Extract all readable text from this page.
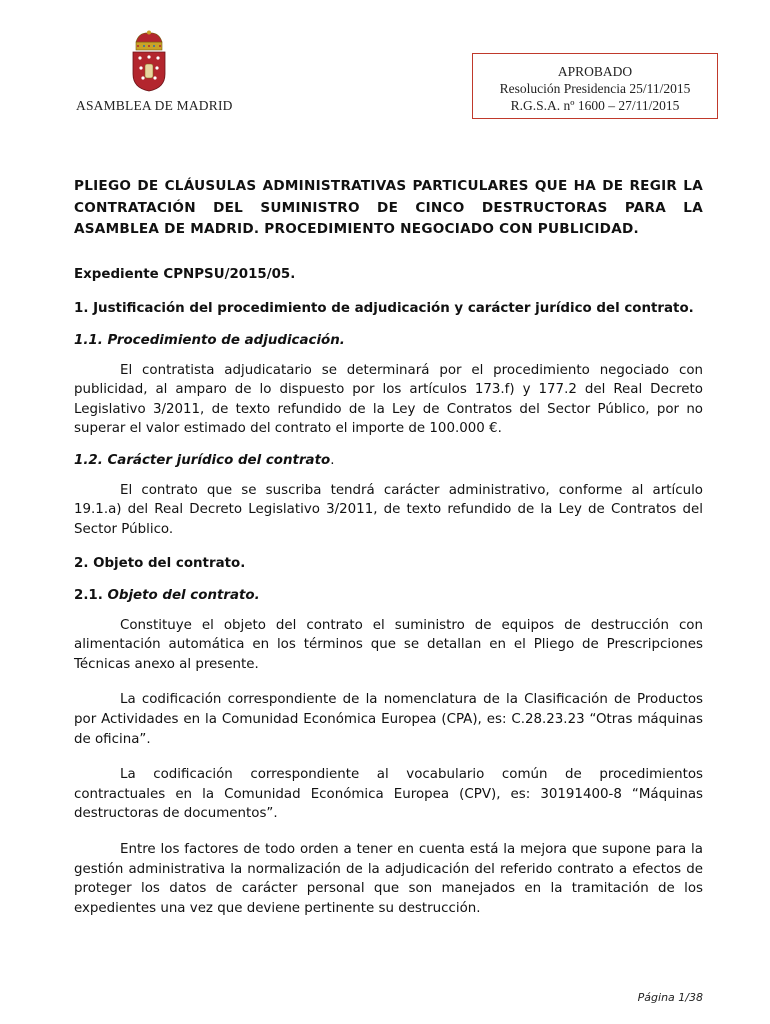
ASAMBLEA DE MADRID
APROBADO
Resolución Presidencia 25/11/2015
R.G.S.A. nº 1600 – 27/11/2015

PLIEGO DE CLÁUSULAS ADMINISTRATIVAS PARTICULARES QUE HA DE REGIR LA CONTRATACIÓN DEL SUMINISTRO DE CINCO DESTRUCTORAS PARA LA ASAMBLEA DE MADRID. PROCEDIMIENTO NEGOCIADO CON PUBLICIDAD.

Expediente CPNPSU/2015/05.

1. Justificación del procedimiento de adjudicación y carácter jurídico del contrato.

1.1. Procedimiento de adjudicación.

El contratista adjudicatario se determinará por el procedimiento negociado con publicidad, al amparo de lo dispuesto por los artículos 173.f) y 177.2 del Real Decreto Legislativo 3/2011, de texto refundido de la Ley de Contratos del Sector Público, por no superar el valor estimado del contrato el importe de 100.000 €.

1.2. Carácter jurídico del contrato.

El contrato que se suscriba tendrá carácter administrativo, conforme al artículo 19.1.a) del Real Decreto Legislativo 3/2011, de texto refundido de la Ley de Contratos del Sector Público.

2. Objeto del contrato.

2.1. Objeto del contrato.

Constituye el objeto del contrato el suministro de equipos de destrucción con alimentación automática en los términos que se detallan en el Pliego de Prescripciones Técnicas anexo al presente.

La codificación correspondiente de la nomenclatura de la Clasificación de Productos por Actividades en la Comunidad Económica Europea (CPA), es: C.28.23.23 “Otras máquinas de oficina”.

La codificación correspondiente al vocabulario común de procedimientos contractuales en la Comunidad Económica Europea (CPV), es: 30191400-8 “Máquinas destructoras de documentos”.

Entre los factores de todo orden a tener en cuenta está la mejora que supone para la gestión administrativa la normalización de la adjudicación del referido contrato a efectos de proteger los datos de carácter personal que son manejados en la tramitación de los expedientes una vez que deviene pertinente su destrucción.

Página 1/38
